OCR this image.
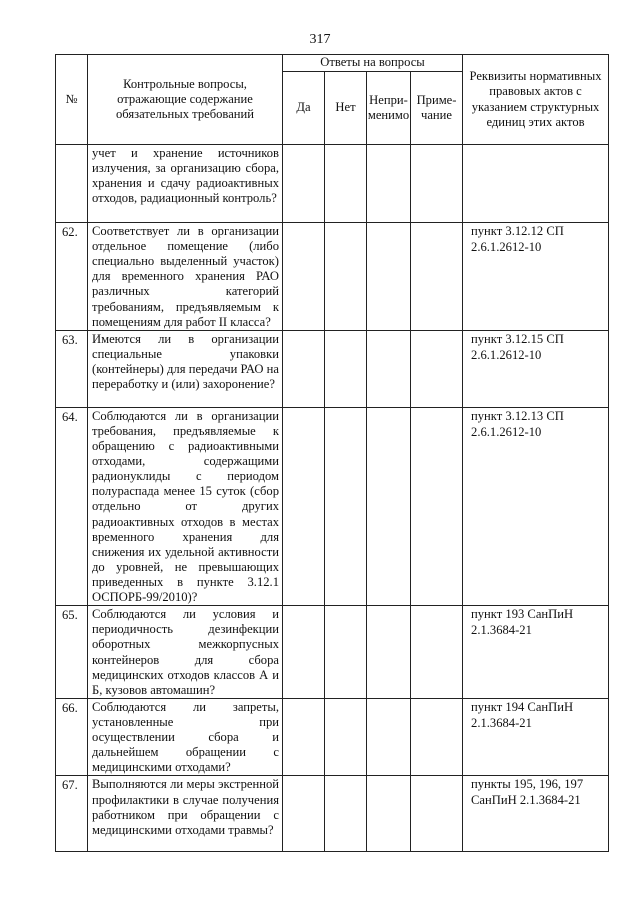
317
№	Контрольные вопросы, отражающие содержание обязательных требований	Ответы на вопросы				Реквизиты нормативных правовых актов с указанием структурных единиц этих актов
		Да	Нет	Непри-менимо	Приме-чание	
	учет и хранение источников излучения, за организацию сбора, хранения и сдачу радиоактивных отходов, радиационный контроль?					
62.	Соответствует ли в организации отдельное помещение (либо специально выделенный участок) для временного хранения РАО различных категорий требованиям, предъявляемым к помещениям для работ II класса?					пункт 3.12.12 СП 2.6.1.2612-10
63.	Имеются ли в организации специальные упаковки (контейнеры) для передачи РАО на переработку и (или) захоронение?					пункт 3.12.15 СП 2.6.1.2612-10
64.	Соблюдаются ли в организации требования, предъявляемые к обращению с радиоактивными отходами, содержащими радионуклиды с периодом полураспада менее 15 суток (сбор отдельно от других радиоактивных отходов в местах временного хранения для снижения их удельной активности до уровней, не превышающих приведенных в пункте 3.12.1 ОСПОРБ-99/2010)?					пункт 3.12.13 СП 2.6.1.2612-10
65.	Соблюдаются ли условия и периодичность дезинфекции оборотных межкорпусных контейнеров для сбора медицинских отходов классов А и Б, кузовов автомашин?					пункт 193 СанПиН 2.1.3684-21
66.	Соблюдаются ли запреты, установленные при осуществлении сбора и дальнейшем обращении с медицинскими отходами?					пункт 194 СанПиН 2.1.3684-21
67.	Выполняются ли меры экстренной профилактики в случае получения работником при обращении с медицинскими отходами травмы?					пункты 195, 196, 197 СанПиН 2.1.3684-21
